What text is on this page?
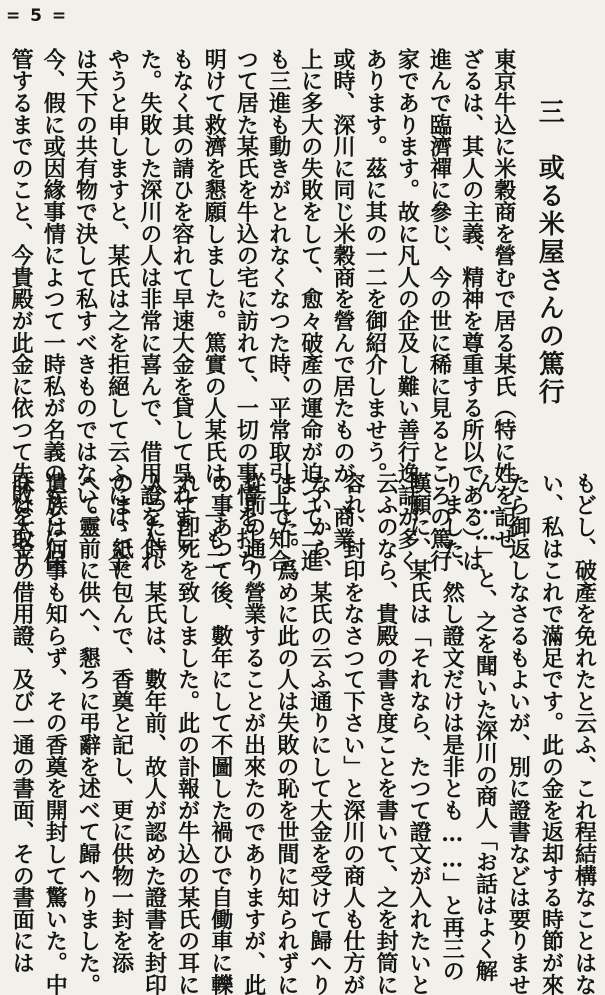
= 5 =
三　或る米屋さんの篤行
東京牛込に米穀商を營むで居る某氏（特に姓を記せ
ざるは、其人の主義、精神を尊重する所以である）は
進んで臨濟禪に參じ、今の世に稀に見るところの篤行
家であります。故に凡人の企及し難い善行逸話が多く
あります。茲に其の一二を御紹介しませう。
或時、深川に同じ米穀商を營んで居たものが、商業
上に多大の失敗をして、愈々破產の運命が迫つて二進
も三進も動きがとれなくなつた時、平常取引上で知合
つて居た某氏を牛込の宅に訪れて、一切の事情を打ち
明けて救濟を懇願しました。篤實の人某氏は、一も二
もなく其の請ひを容れて早速大金を貸して呉れまし
た。失敗した深川の人は非常に喜んで、借用證を入れ
やうと申しますと、某氏は之を拒絕して云ふには「金
は天下の共有物で決して私すべきものではない。
今、假に或因緣事情によつて一時私が名義のもとに保
管するまでのこと、今貴殿が此金に依つて失敗を取り
もどし、破產を免れたと云ふ、これ程結構なことはな
い、私はこれで滿足です。此の金を返却する時節が來
たら御返しなさるもよいが、別に證書などは要りませ
ん……」と、之を聞いた深川の商人「お話はよく解
りました、然し證文だけは是非とも……」と再三の
嘆願に、某氏は「それなら、たつて證文が入れたいと
云ふのなら、貴殿の書き度ことを書いて、之を封筒に
容れ、封印をなさつて下さい」と深川の商人も仕方が
ないから、某氏の云ふ通りにして大金を受けて歸へり
ました。爲めに此の人は失敗の恥を世間に知られずに
從前の通り營業することが出來たのでありますが、此
の事あつて後、數年にして不圖した禍ひで自働車に轢
れて卽死を致しました。此の訃報が牛込の某氏の耳に
入つた時、某氏は、數年前、故人が認めた證書を封印
のまゝ紙に包んで、香奠と記し、更に供物一封を添
へて靈前に供へ、懇ろに弔辭を述べて歸へりました。
遺族は何事も知らず、その香奠を開封して驚いた。中
味は大金の借用證、及び一通の書面、その書面には
